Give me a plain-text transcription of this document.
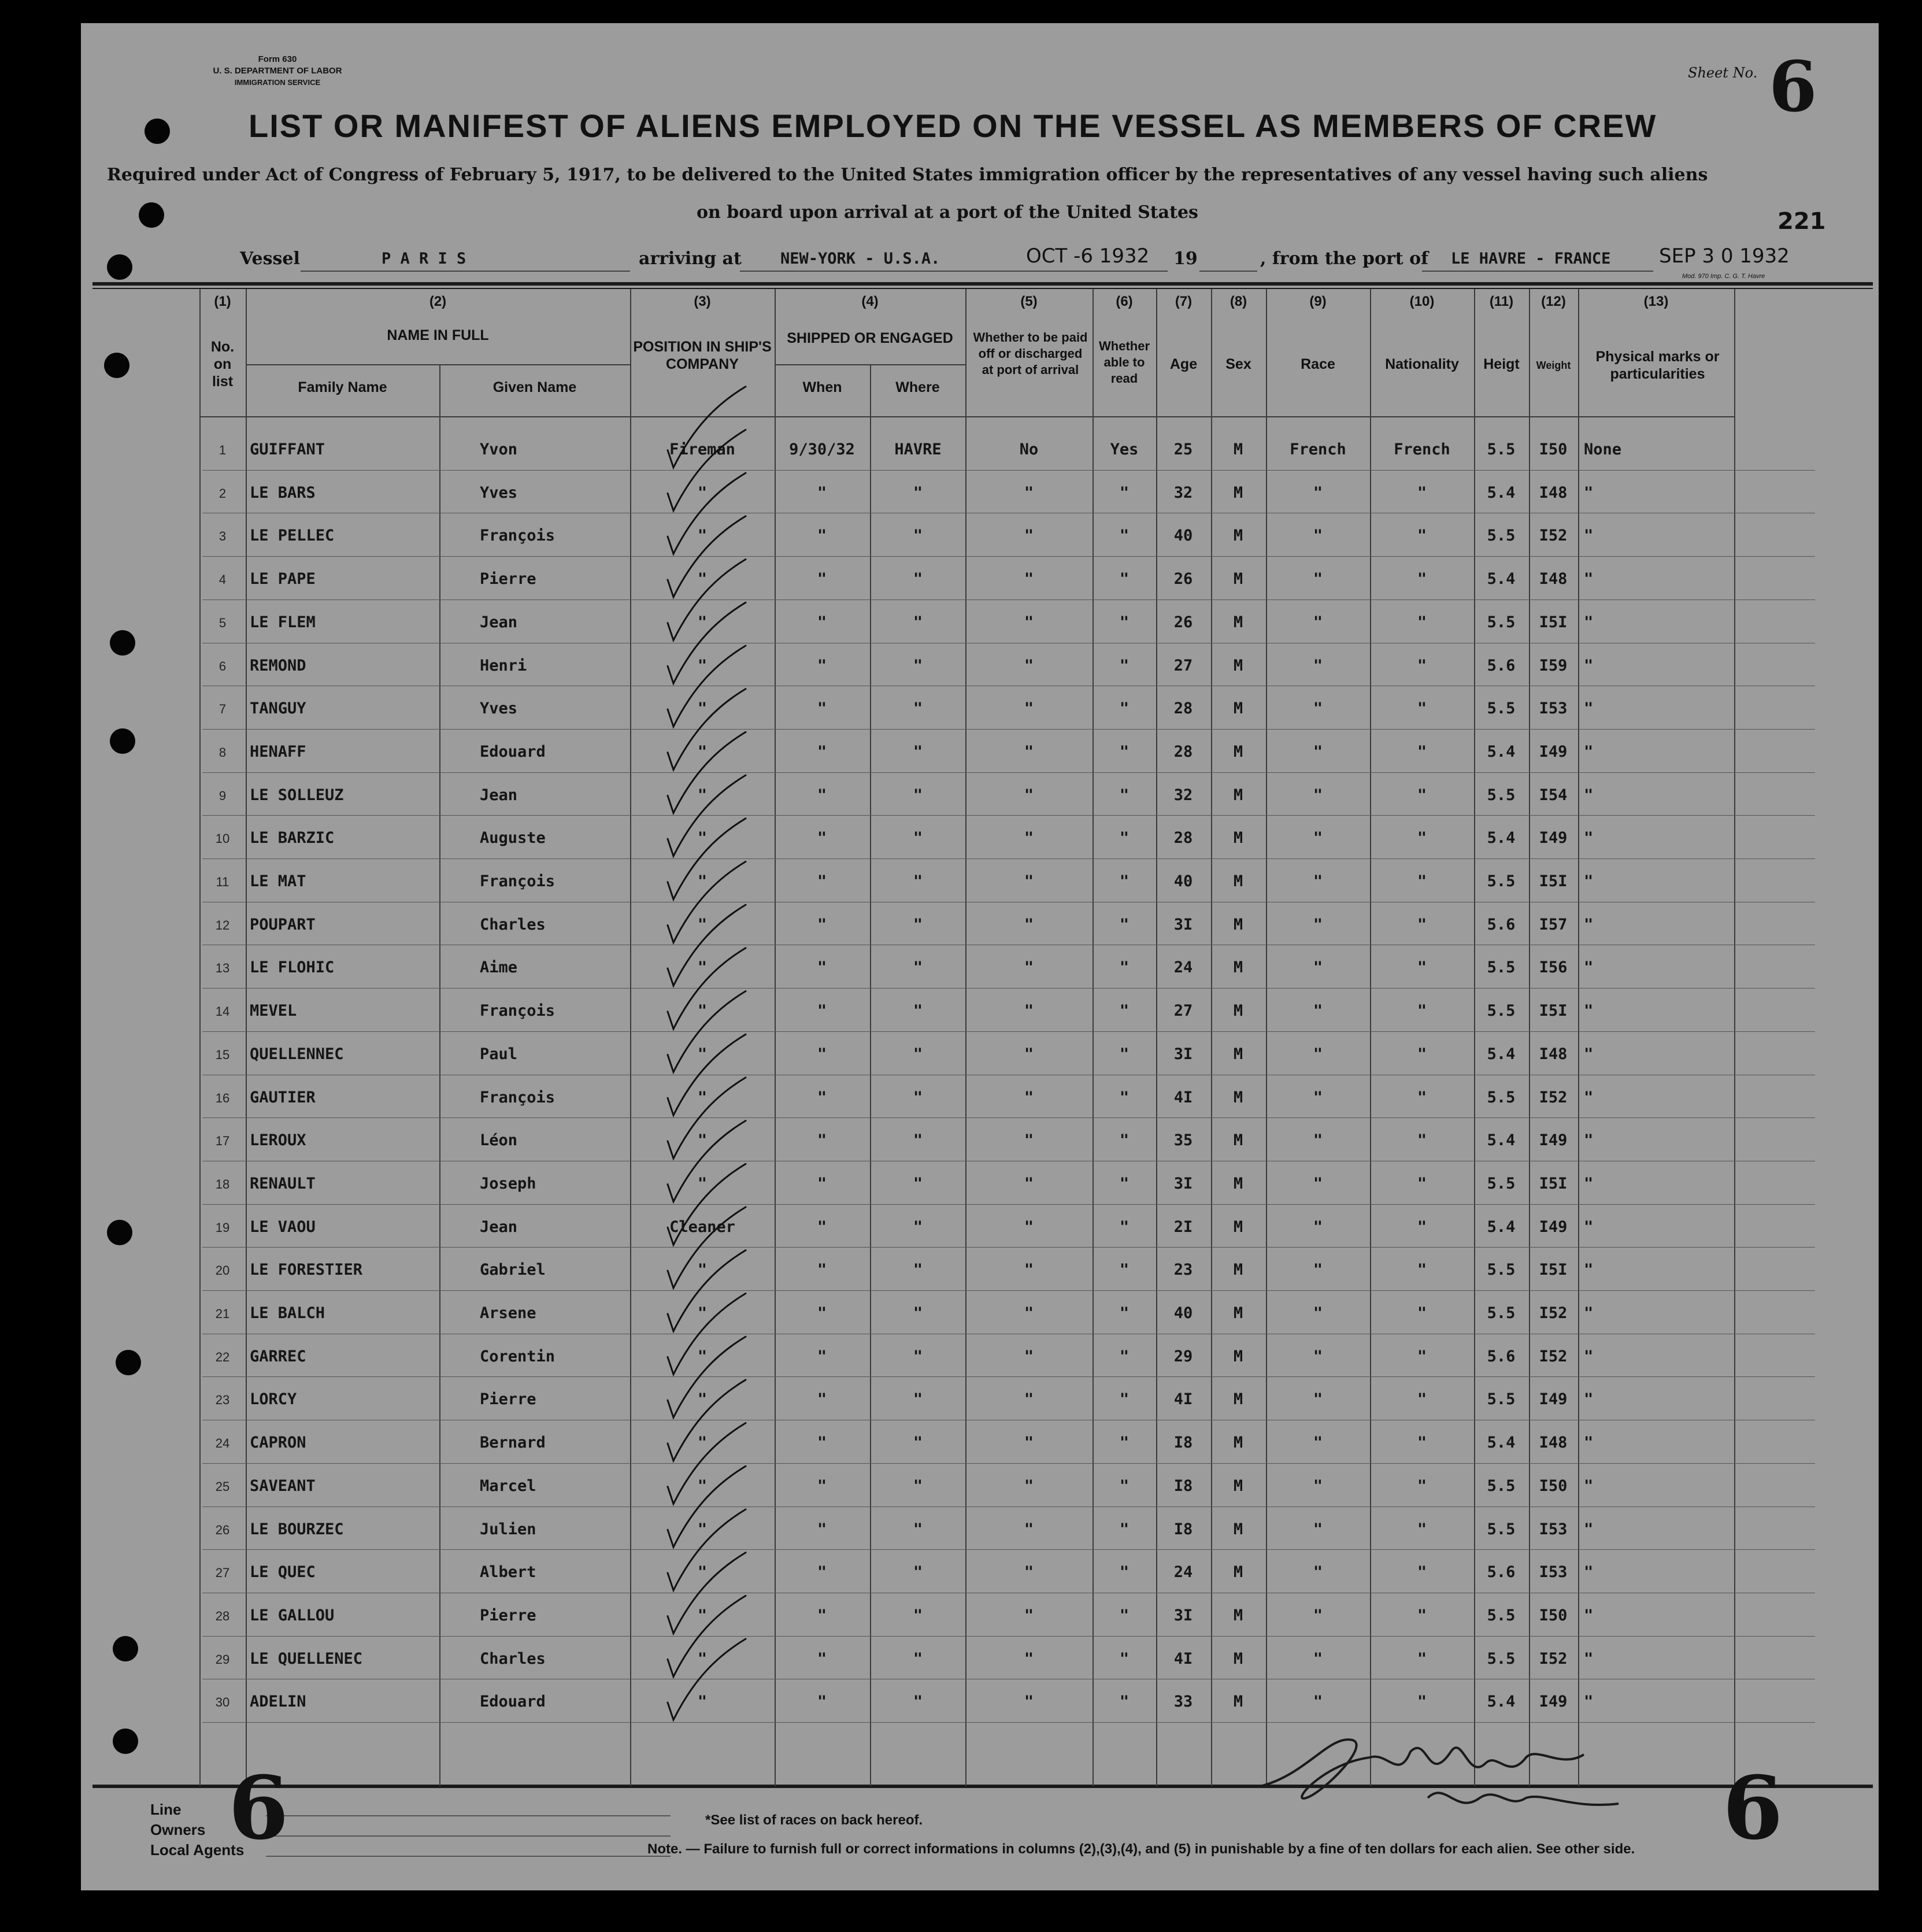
Form 630
U. S. DEPARTMENT OF LABOR
IMMIGRATION SERVICE
Sheet No. 6
LIST OR MANIFEST OF ALIENS EMPLOYED ON THE VESSEL AS MEMBERS OF CREW
Required under Act of Congress of February 5, 1917, to be delivered to the United States immigration officer by the representatives of any vessel having such aliens
on board upon arrival at a port of the United States	221
Vessel	P A R I S	arriving at NEW-YORK - U.S.A.	OCT -6 1932 19	, from the port of LE HAVRE - FRANCE SEP 3 0 1932
Mod. 970 Imp. C. G. T. Havre
(1)	(2)	(3)	(4)	(5)	(6)	(7)	(8)	(9)	(10)	(11)	(12)	(13)
No. on list
NAME IN FULL
Family Name	Given Name
POSITION IN SHIP'S COMPANY
SHIPPED OR ENGAGED
When	Where
Whether to be paid off or discharged at port of arrival
Whether able to read
Age	Sex	Race	Nationality	Heigt	Weight
Physical marks or particularities
1	GUIFFANT	Yvon	Fireman	9/30/32	HAVRE	No	Yes	25	M	French	French	5.5	I50	None
2	LE BARS	Yves	"	"	"	"	"	32	M	"	"	5.4	I48	"
3	LE PELLEC	François	"	"	"	"	"	40	M	"	"	5.5	I52	"
4	LE PAPE	Pierre	"	"	"	"	"	26	M	"	"	5.4	I48	"
5	LE FLEM	Jean	"	"	"	"	"	26	M	"	"	5.5	I5I	"
6	REMOND	Henri	"	"	"	"	"	27	M	"	"	5.6	I59	"
7	TANGUY	Yves	"	"	"	"	"	28	M	"	"	5.5	I53	"
8	HENAFF	Edouard	"	"	"	"	"	28	M	"	"	5.4	I49	"
9	LE SOLLEUZ	Jean	"	"	"	"	"	32	M	"	"	5.5	I54	"
10	LE BARZIC	Auguste	"	"	"	"	"	28	M	"	"	5.4	I49	"
11	LE MAT	François	"	"	"	"	"	40	M	"	"	5.5	I5I	"
12	POUPART	Charles	"	"	"	"	"	3I	M	"	"	5.6	I57	"
13	LE FLOHIC	Aime	"	"	"	"	"	24	M	"	"	5.5	I56	"
14	MEVEL	François	"	"	"	"	"	27	M	"	"	5.5	I5I	"
15	QUELLENNEC	Paul	"	"	"	"	"	3I	M	"	"	5.4	I48	"
16	GAUTIER	François	"	"	"	"	"	4I	M	"	"	5.5	I52	"
17	LEROUX	Léon	"	"	"	"	"	35	M	"	"	5.4	I49	"
18	RENAULT	Joseph	"	"	"	"	"	3I	M	"	"	5.5	I5I	"
19	LE VAOU	Jean	Cleaner	"	"	"	"	2I	M	"	"	5.4	I49	"
20	LE FORESTIER	Gabriel	"	"	"	"	"	23	M	"	"	5.5	I5I	"
21	LE BALCH	Arsene	"	"	"	"	"	40	M	"	"	5.5	I52	"
22	GARREC	Corentin	"	"	"	"	"	29	M	"	"	5.6	I52	"
23	LORCY	Pierre	"	"	"	"	"	4I	M	"	"	5.5	I49	"
24	CAPRON	Bernard	"	"	"	"	"	I8	M	"	"	5.4	I48	"
25	SAVEANT	Marcel	"	"	"	"	"	I8	M	"	"	5.5	I50	"
26	LE BOURZEC	Julien	"	"	"	"	"	I8	M	"	"	5.5	I53	"
27	LE QUEC	Albert	"	"	"	"	"	24	M	"	"	5.6	I53	"
28	LE GALLOU	Pierre	"	"	"	"	"	3I	M	"	"	5.5	I50	"
29	LE QUELLENEC	Charles	"	"	"	"	"	4I	M	"	"	5.5	I52	"
30	ADELIN	Edouard	"	"	"	"	"	33	M	"	"	5.4	I49	"
Line
Owners
Local Agents
6	6
*See list of races on back hereof.
Note. — Failure to furnish full or correct informations in columns (2),(3),(4), and (5) in punishable by a fine of ten dollars for each alien. See other side.
